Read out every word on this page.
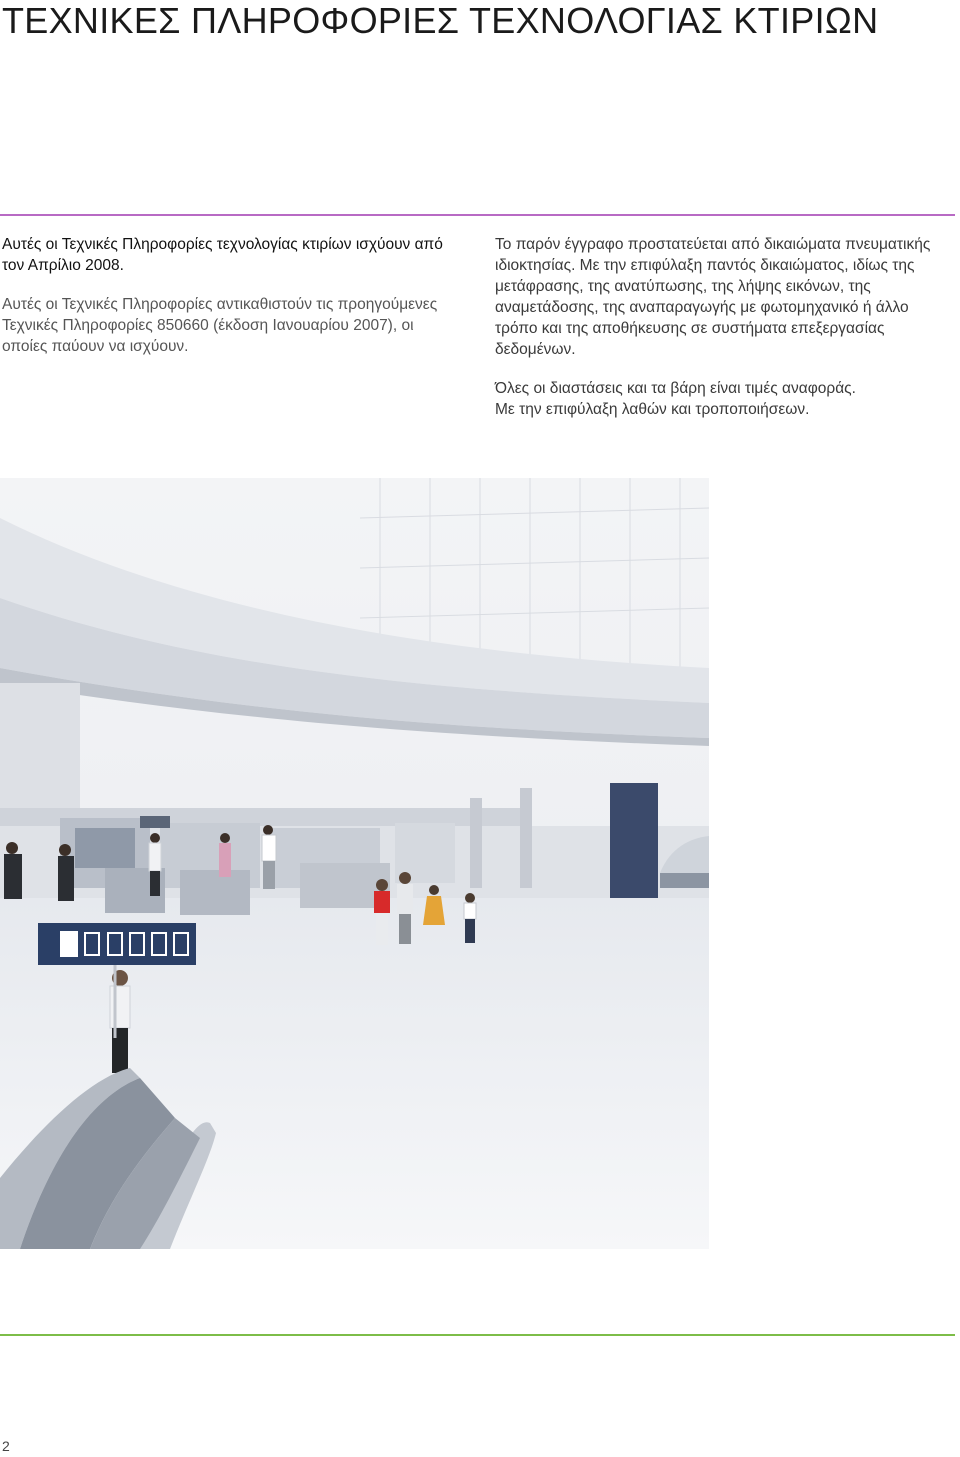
ΤΕΧΝΙΚΕΣ ΠΛΗΡΟΦΟΡΙΕΣ ΤΕΧΝΟΛΟΓΙΑΣ ΚΤΙΡΙΩΝ

Αυτές οι Τεχνικές Πληροφορίες τεχνολογίας κτιρίων ισχύουν από τον Απρίλιο 2008.

Αυτές οι Τεχνικές Πληροφορίες αντικαθιστούν τις προηγούμενες Τεχνικές Πληροφορίες 850660 (έκδοση Ιανουαρίου 2007), οι οποίες παύουν να ισχύουν.

Το παρόν έγγραφο προστατεύεται από δικαιώματα πνευματικής ιδιοκτησίας. Με την επιφύλαξη παντός δικαιώματος, ιδίως της μετάφρασης, της ανατύπωσης, της λήψης εικόνων, της αναμετάδοσης, της αναπαραγωγής με φωτομηχανικό ή άλλο τρόπο και της αποθήκευσης σε συστήματα επεξεργασίας δεδομένων.

Όλες οι διαστάσεις και τα βάρη είναι τιμές αναφοράς.

Με την επιφύλαξη λαθών και τροποποιήσεων.

2
